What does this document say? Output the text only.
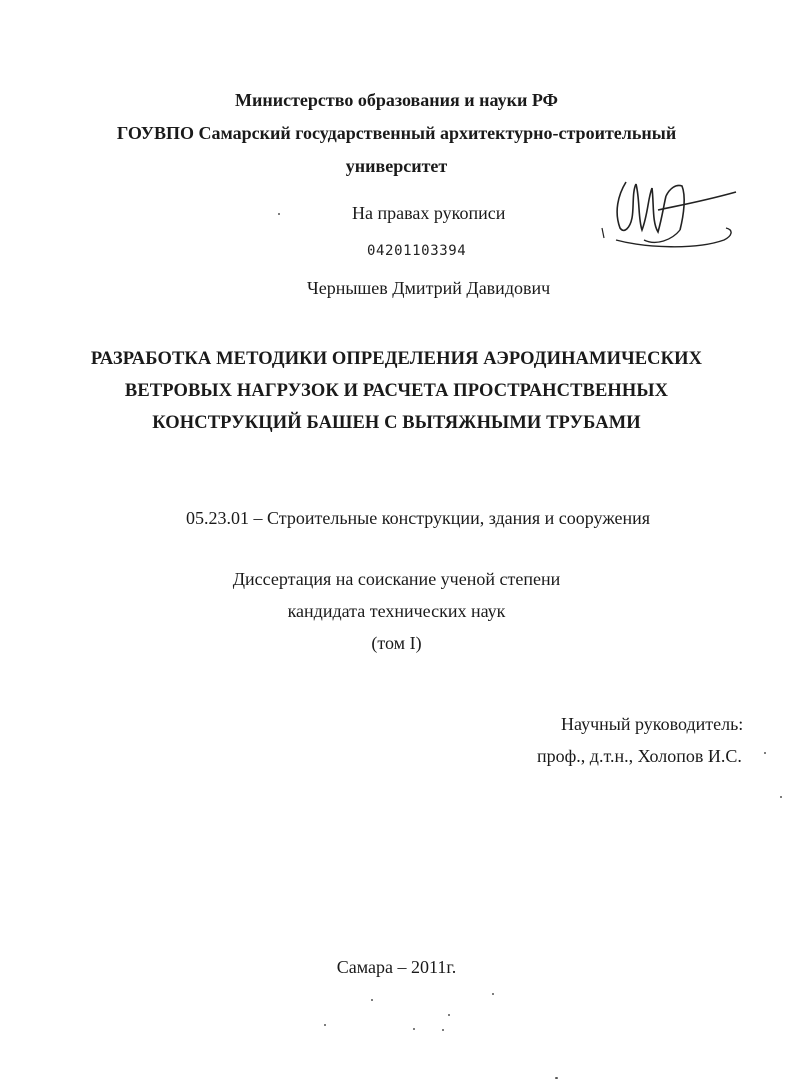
Министерство образования и науки РФ
ГОУВПО Самарский государственный архитектурно-строительный
университет
На правах рукописи
04201103394
Чернышев Дмитрий Давидович
РАЗРАБОТКА МЕТОДИКИ ОПРЕДЕЛЕНИЯ АЭРОДИНАМИЧЕСКИХ
ВЕТРОВЫХ НАГРУЗОК И РАСЧЕТА ПРОСТРАНСТВЕННЫХ
КОНСТРУКЦИЙ БАШЕН С ВЫТЯЖНЫМИ ТРУБАМИ
05.23.01 – Строительные конструкции, здания и сооружения
Диссертация на соискание ученой степени
кандидата технических наук
(том I)
Научный руководитель:
проф., д.т.н., Холопов И.С.
Самара – 2011г.
